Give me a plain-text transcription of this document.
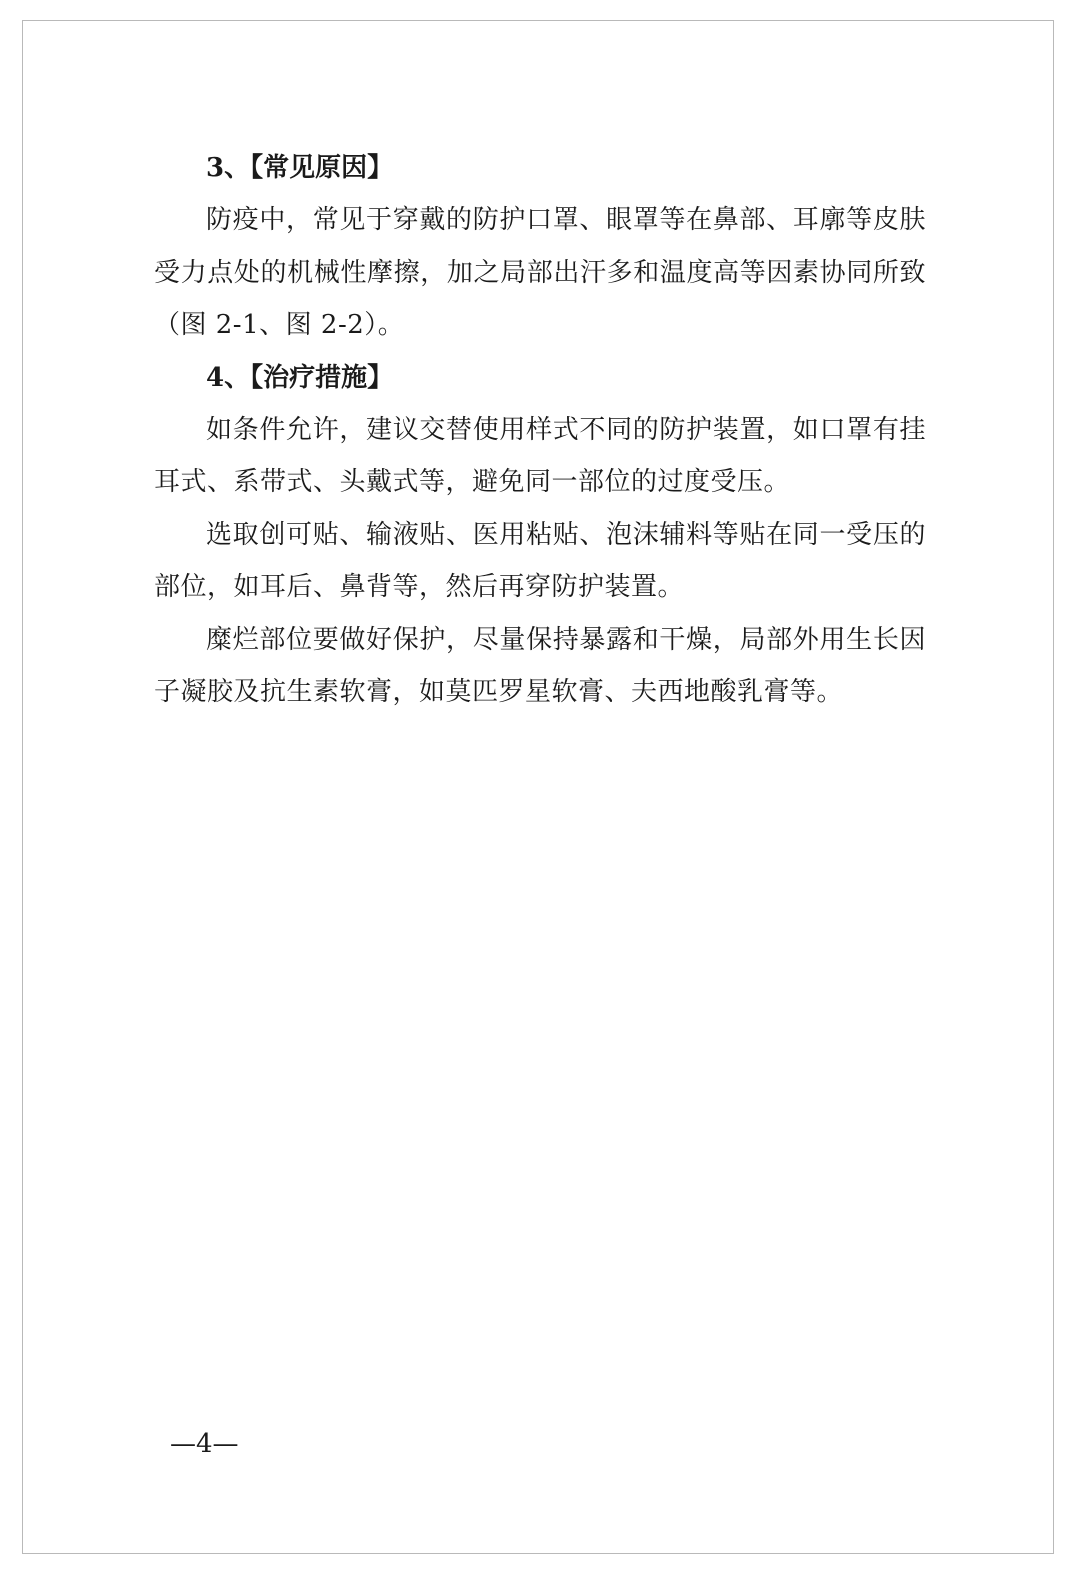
3、【常见原因】

防疫中，常见于穿戴的防护口罩、眼罩等在鼻部、耳廓等皮肤受力点处的机械性摩擦，加之局部出汗多和温度高等因素协同所致（图 2-1、图 2-2）。

4、【治疗措施】

如条件允许，建议交替使用样式不同的防护装置，如口罩有挂耳式、系带式、头戴式等，避免同一部位的过度受压。

选取创可贴、输液贴、医用粘贴、泡沫辅料等贴在同一受压的部位，如耳后、鼻背等，然后再穿防护装置。

糜烂部位要做好保护，尽量保持暴露和干燥，局部外用生长因子凝胶及抗生素软膏，如莫匹罗星软膏、夫西地酸乳膏等。

—4—
